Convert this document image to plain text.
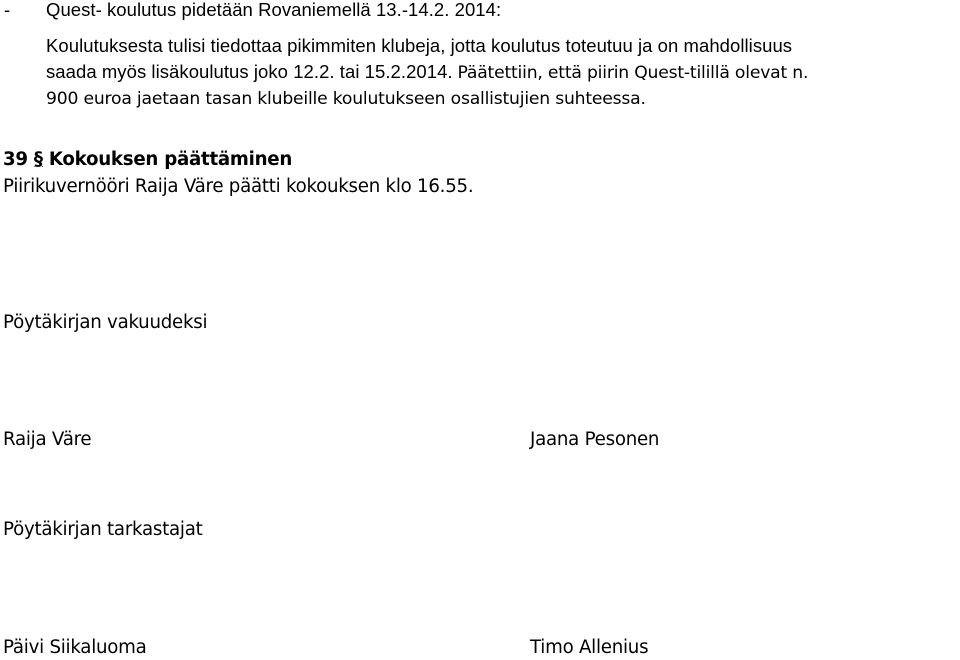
- Quest- koulutus pidetään Rovaniemellä 13.-14.2. 2014:
Koulutuksesta tulisi tiedottaa pikimmiten klubeja, jotta koulutus toteutuu ja on mahdollisuus
saada myös lisäkoulutus joko 12.2. tai 15.2.2014. Päätettiin, että piirin Quest-tilillä olevat n.
900 euroa jaetaan tasan klubeille koulutukseen osallistujien suhteessa.
39 § Kokouksen päättäminen
Piirikuvernööri Raija Väre päätti kokouksen klo 16.55.
Pöytäkirjan vakuudeksi
Raija Väre	Jaana Pesonen
Pöytäkirjan tarkastajat
Päivi Siikaluoma	Timo Allenius
